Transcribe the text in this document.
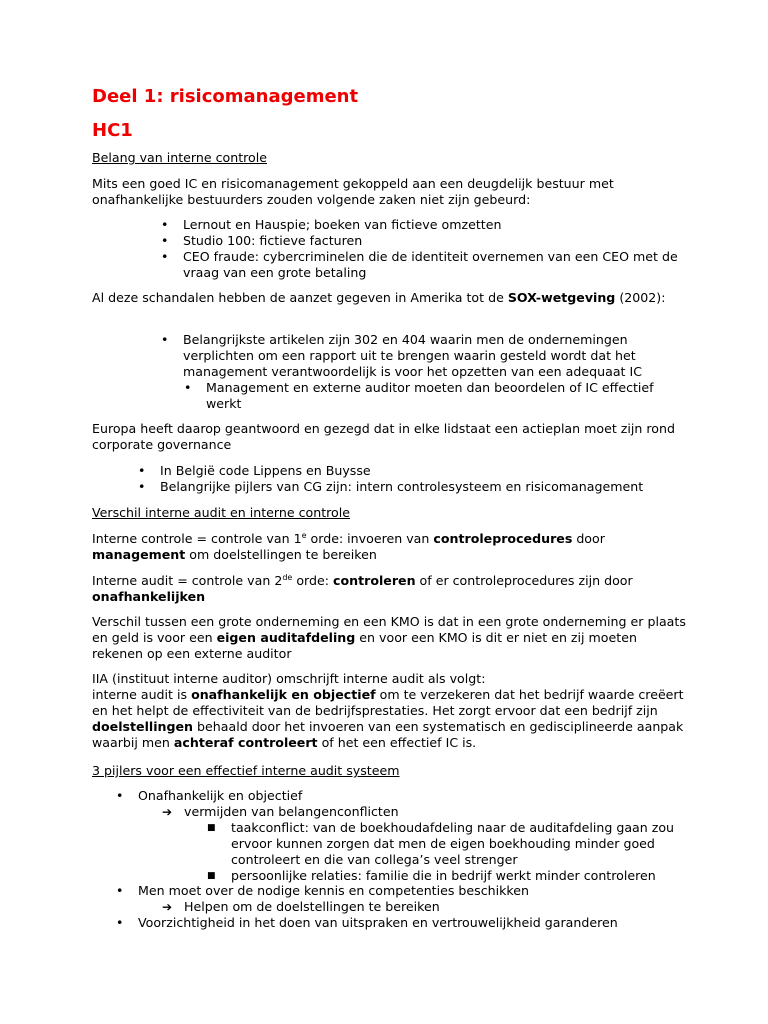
Deel 1: risicomanagement
HC1

Belang van interne controle

Mits een goed IC en risicomanagement gekoppeld aan een deugdelijk bestuur met onafhankelijke bestuurders zouden volgende zaken niet zijn gebeurd:

• Lernout en Hauspie; boeken van fictieve omzetten
• Studio 100: fictieve facturen
• CEO fraude: cybercriminelen die de identiteit overnemen van een CEO met de vraag van een grote betaling

Al deze schandalen hebben de aanzet gegeven in Amerika tot de SOX-wetgeving (2002):

• Belangrijkste artikelen zijn 302 en 404 waarin men de ondernemingen verplichten om een rapport uit te brengen waarin gesteld wordt dat het management verantwoordelijk is voor het opzetten van een adequaat IC
• Management en externe auditor moeten dan beoordelen of IC effectief werkt

Europa heeft daarop geantwoord en gezegd dat in elke lidstaat een actieplan moet zijn rond corporate governance

• In België code Lippens en Buysse
• Belangrijke pijlers van CG zijn: intern controlesysteem en risicomanagement

Verschil interne audit en interne controle

Interne controle = controle van 1e orde: invoeren van controleprocedures door
management om doelstellingen te bereiken

Interne audit = controle van 2de orde: controleren of er controleprocedures zijn door
onafhankelijken

Verschil tussen een grote onderneming en een KMO is dat in een grote onderneming er plaats en geld is voor een eigen auditafdeling en voor een KMO is dit er niet en zij moeten rekenen op een externe auditor

IIA (instituut interne auditor) omschrijft interne audit als volgt:
interne audit is onafhankelijk en objectief om te verzekeren dat het bedrijf waarde creëert en het helpt de effectiviteit van de bedrijfsprestaties. Het zorgt ervoor dat een bedrijf zijn doelstellingen behaald door het invoeren van een systematisch en gedisciplineerde aanpak waarbij men achteraf controleert of het een effectief IC is.

3 pijlers voor een effectief interne audit systeem

• Onafhankelijk en objectief
➔ vermijden van belangenconflicten
■ taakconflict: van de boekhoudafdeling naar de auditafdeling gaan zou ervoor kunnen zorgen dat men de eigen boekhouding minder goed controleert en die van collega’s veel strenger
■ persoonlijke relaties: familie die in bedrijf werkt minder controleren
• Men moet over de nodige kennis en competenties beschikken
➔ Helpen om de doelstellingen te bereiken
• Voorzichtigheid in het doen van uitspraken en vertrouwelijkheid garanderen
